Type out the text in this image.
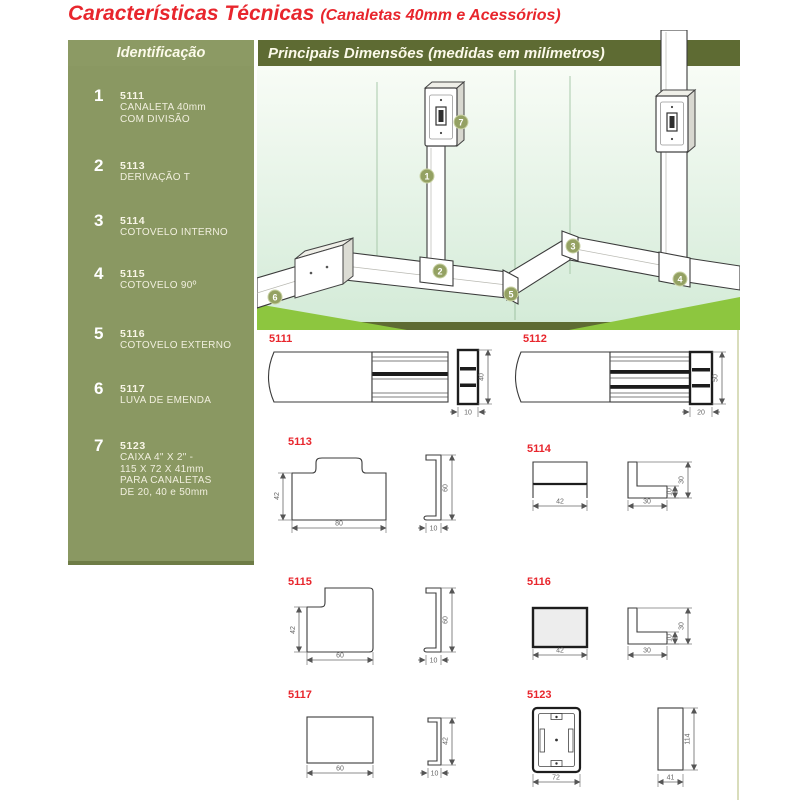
Características Técnicas (Canaletas 40mm e Acessórios)
Identificação	Principais Dimensões (medidas em milímetros)
1 5111
CANALETA 40mm
COM DIVISÃO
2 5113
DERIVAÇÃO T
3 5114
COTOVELO INTERNO
4 5115
COTOVELO 90º
5 5116
COTOVELO EXTERNO
6 5117
LUVA DE EMENDA
7 5123
CAIXA 4" X 2" -
115 X 72 X 41mm
PARA CANALETAS
DE 20, 40 e 50mm
1
2
3
4
5
6
7
5111
40
10
5112
50
20
5113
42
80
60
10
5114
42	30
10
30
5115
42
60
60
10
5116
42	30
10
30
5117
60
42
10
5123
72
114
41
